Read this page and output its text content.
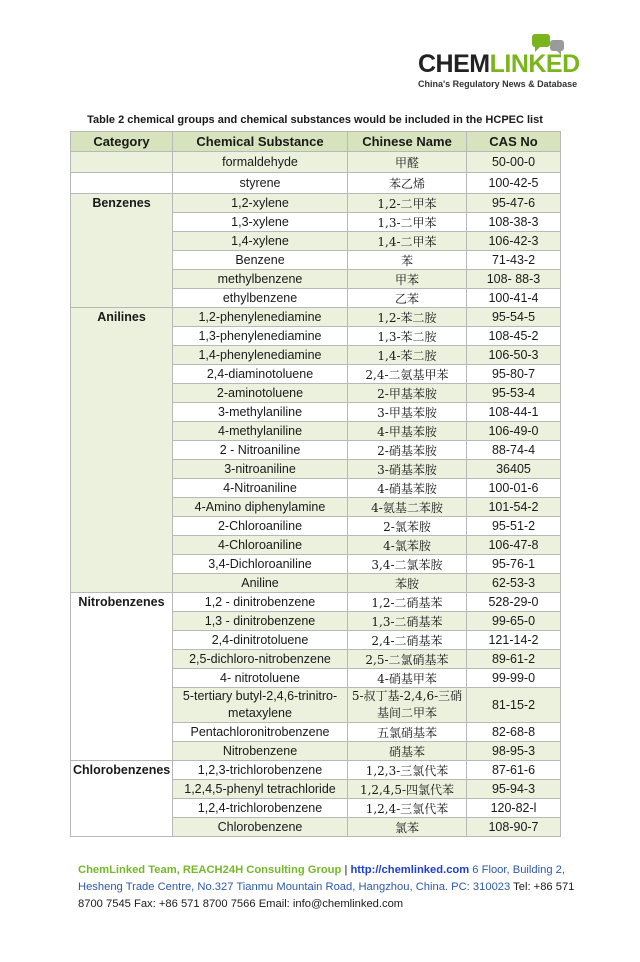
CHEMLINKED
China's Regulatory News & Database
Table 2 chemical groups and chemical substances would be included in the HCPEC list
Category	Chemical Substance	Chinese Name	CAS No
	formaldehyde	甲醛	50-00-0
	styrene	苯乙烯	100-42-5
Benzenes	1,2-xylene	1,2-二甲苯	95-47-6
	1,3-xylene	1,3-二甲苯	108-38-3
	1,4-xylene	1,4-二甲苯	106-42-3
	Benzene	苯	71-43-2
	methylbenzene	甲苯	108- 88-3
	ethylbenzene	乙苯	100-41-4
Anilines	1,2-phenylenediamine	1,2-苯二胺	95-54-5
	1,3-phenylenediamine	1,3-苯二胺	108-45-2
	1,4-phenylenediamine	1,4-苯二胺	106-50-3
	2,4-diaminotoluene	2,4-二氨基甲苯	95-80-7
	2-aminotoluene	2-甲基苯胺	95-53-4
	3-methylaniline	3-甲基苯胺	108-44-1
	4-methylaniline	4-甲基苯胺	106-49-0
	2 - Nitroaniline	2-硝基苯胺	88-74-4
	3-nitroaniline	3-硝基苯胺	36405
	4-Nitroaniline	4-硝基苯胺	100-01-6
	4-Amino diphenylamine	4-氨基二苯胺	101-54-2
	2-Chloroaniline	2-氯苯胺	95-51-2
	4-Chloroaniline	4-氯苯胺	106-47-8
	3,4-Dichloroaniline	3,4-二氯苯胺	95-76-1
	Aniline	苯胺	62-53-3
Nitrobenzenes	1,2 - dinitrobenzene	1,2-二硝基苯	528-29-0
	1,3 - dinitrobenzene	1,3-二硝基苯	99-65-0
	2,4-dinitrotoluene	2,4-二硝基苯	121-14-2
	2,5-dichloro-nitrobenzene	2,5-二氯硝基苯	89-61-2
	4- nitrotoluene	4-硝基甲苯	99-99-0
	5-tertiary butyl-2,4,6-trinitro-metaxylene	5-叔丁基-2,4,6-三硝基间二甲苯	81-15-2
	Pentachloronitrobenzene	五氯硝基苯	82-68-8
	Nitrobenzene	硝基苯	98-95-3
Chlorobenzenes	1,2,3-trichlorobenzene	1,2,3-三氯代苯	87-61-6
	1,2,4,5-phenyl tetrachloride	1,2,4,5-四氯代苯	95-94-3
	1,2,4-trichlorobenzene	1,2,4-三氯代苯	120-82-l
	Chlorobenzene	氯苯	108-90-7
ChemLinked Team, REACH24H Consulting Group | http://chemlinked.com 6 Floor, Building 2, Hesheng Trade Centre, No.327 Tianmu Mountain Road, Hangzhou, China. PC: 310023 Tel: +86 571 8700 7545 Fax: +86 571 8700 7566 Email: info@chemlinked.com
